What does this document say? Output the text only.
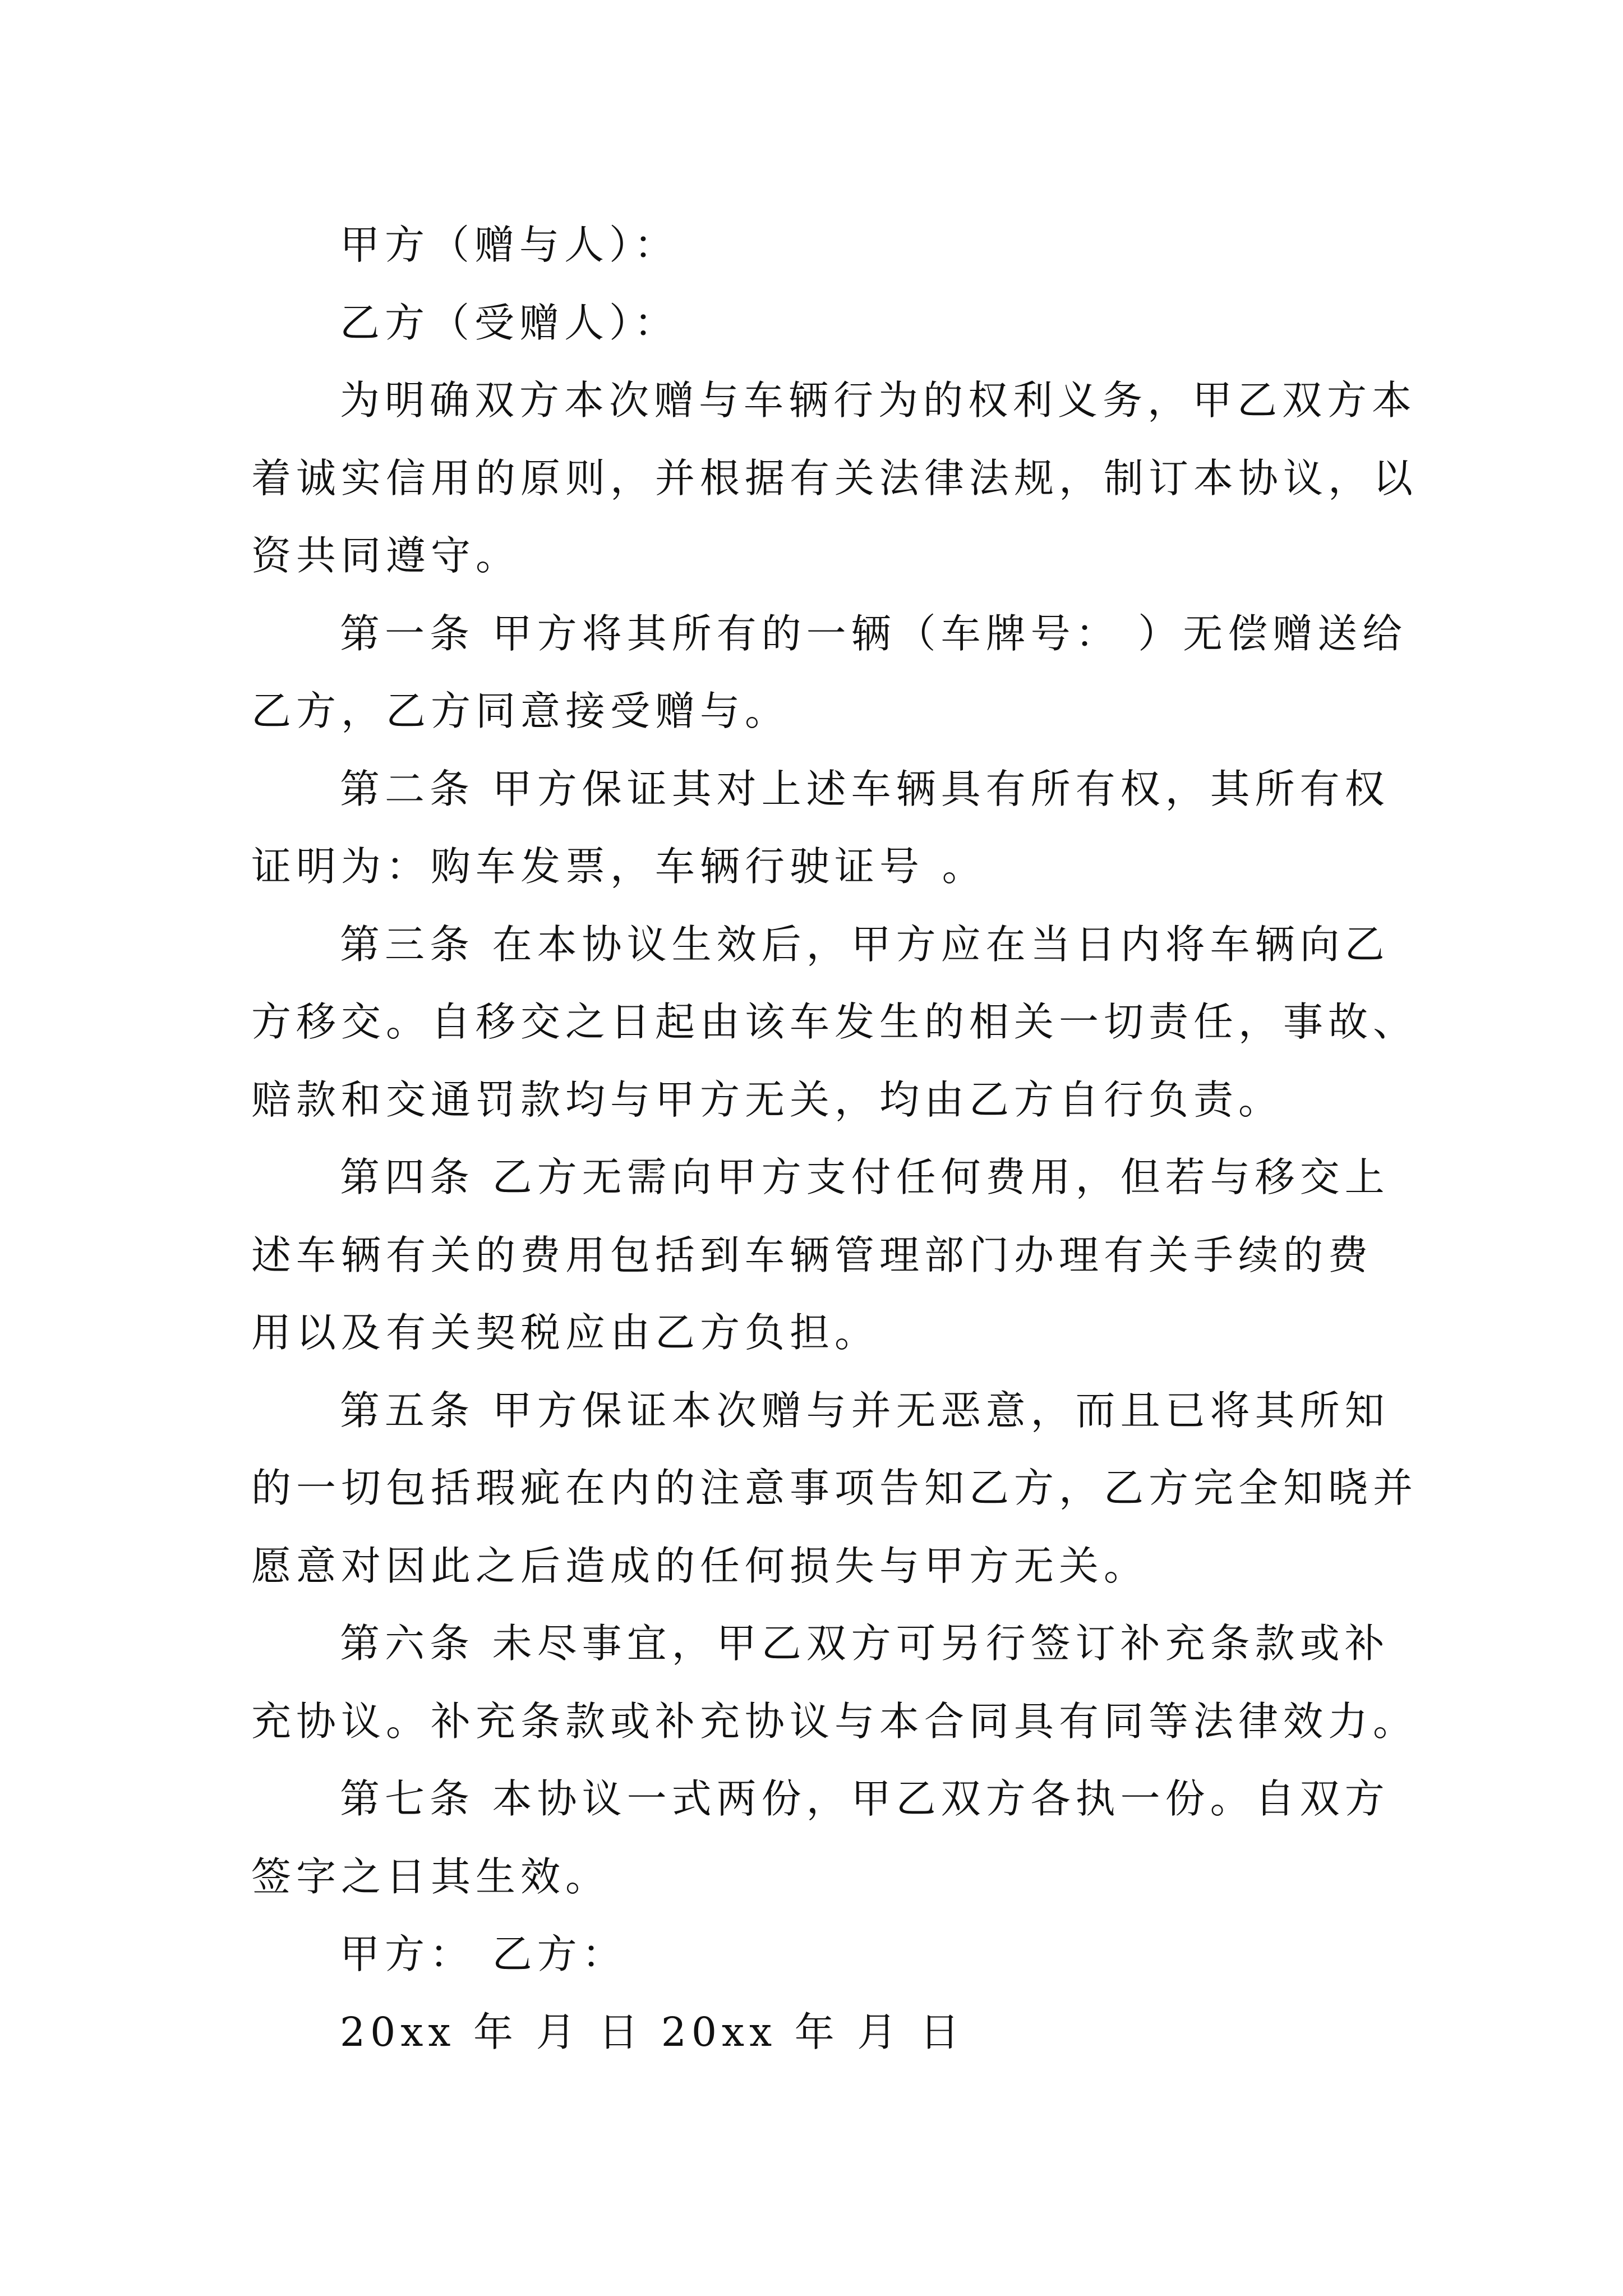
甲方（赠与人）：
乙方（受赠人）：
为明确双方本次赠与车辆行为的权利义务，甲乙双方本
着诚实信用的原则，并根据有关法律法规，制订本协议，以
资共同遵守。
第一条 甲方将其所有的一辆（车牌号： ）无偿赠送给
乙方，乙方同意接受赠与。
第二条 甲方保证其对上述车辆具有所有权，其所有权
证明为：购车发票，车辆行驶证号 。
第三条 在本协议生效后，甲方应在当日内将车辆向乙
方移交。自移交之日起由该车发生的相关一切责任，事故、
赔款和交通罚款均与甲方无关，均由乙方自行负责。
第四条 乙方无需向甲方支付任何费用，但若与移交上
述车辆有关的费用包括到车辆管理部门办理有关手续的费
用以及有关契税应由乙方负担。
第五条 甲方保证本次赠与并无恶意，而且已将其所知
的一切包括瑕疵在内的注意事项告知乙方，乙方完全知晓并
愿意对因此之后造成的任何损失与甲方无关。
第六条 未尽事宜，甲乙双方可另行签订补充条款或补
充协议。补充条款或补充协议与本合同具有同等法律效力。
第七条 本协议一式两份，甲乙双方各执一份。自双方
签字之日其生效。
甲方： 乙方：
20xx 年 月 日 20xx 年 月 日
